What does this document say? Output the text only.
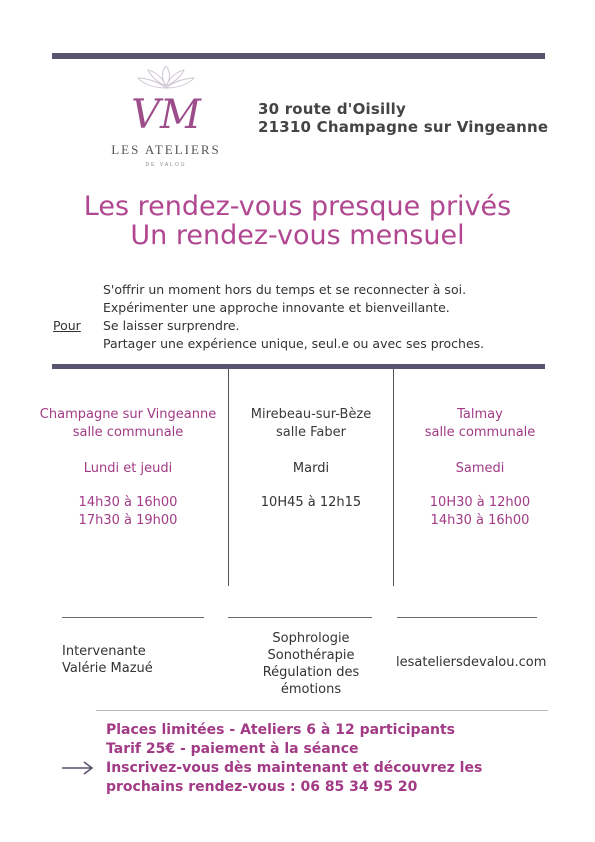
VM
LES ATELIERS
DE VALOU
30 route d'Oisilly
21310 Champagne sur Vingeanne
Les rendez-vous presque privés
Un rendez-vous mensuel
Pour
S'offrir un moment hors du temps et se reconnecter à soi.
Expérimenter une approche innovante et bienveillante.
Se laisser surprendre.
Partager une expérience unique, seul.e ou avec ses proches.
Champagne sur Vingeanne
salle communale
Lundi et jeudi
14h30 à 16h00
17h30 à 19h00
Mirebeau-sur-Bèze
salle Faber
Mardi
10H45 à 12h15
Talmay
salle communale
Samedi
10H30 à 12h00
14h30 à 16h00
Intervenante
Valérie Mazué
Sophrologie
Sonothérapie
Régulation des
émotions
lesateliersdevalou.com
Places limitées - Ateliers 6 à 12 participants
Tarif 25€ - paiement à la séance
Inscrivez-vous dès maintenant et découvrez les
prochains rendez-vous : 06 85 34 95 20
